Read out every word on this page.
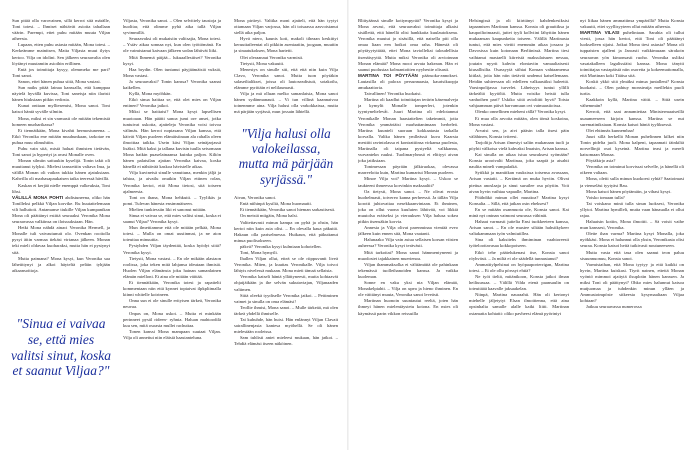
Sun pitää olla varovainen, sillä kerrot sitä märälle, Toni totesi. – Ihmiset nähtävät asioita tahallaan väärin. Parempi, ettet puhu mitään muuta Viljan aiheesta.

Lupaan, etten puhu asiasta mitään, Mona totesi. – Kerkeämme mainitsen, Matta Viljasta muut ilytys kertoo. Vilja on idolini. Sen jälkeen seuraavalta olen löytänyt muutamiin asioihin erillinen.

Entä jos toimittaja kysyy, olemmeko me pari? Toni sanoi.

Sanon, ettei hänen puhua siitä, Mona vastasi.

Sun naiks pitää lainaa kanssalla, että kamppaa näytelä hyvällä kuvissa, Toni saneisja niin ilaristi hänen hiuksiaan pitkin vedosta.

Kunat onttaan mylliesemisi, Mona sanoi. Toni katsoi häntä syvälle silmiin.

Mona, miksi et sin varmasti ole mitään tekemistä homeen murharikassa?

Et tiennätkään, Mona kivahti hermostuneena. – Etkö Veronika ene mitään muuhunkaan, tarkotae en puhua muu olimuhtiin.

Puhu vain sitä, mistä haluat ihmisten tietävän, Toni sanoi ja hypertyi ja avasi Monalle oven.

Monan silmiin sattuukin kyselijä. Tonin takit oli muuttanut tylyksi. Mielesi tanssettiin valtava Ima, ja välillä Monan oli vaikea tukkia hänen ajatuksiaan. Kahvilla oli marhasapaukaisen taika teeressä hävillä.

Kaskan ei kerjää nielle enemppä valkeuksia, Toni lihsi.

VÄLILLÄ MONA POHTI ahdistuneena, oliko hän Tonilleksi pelkkä Viljan korvike. Ru huutattelemaan vilt halluttoit. Antamanse tiukille Viljan kumpanikan Mona oli päättänyt estittä seuraaksi Veronika Mona seuraavassa valkiinsa on iloisuuksiaan. Hän.

Hetki Mona nähdä ainaci Veronika Hermell, ja Monalle tuli vaivautunutt olo. Ovenkan rooitolla pysyi äitin varmaa tiekäsi virtanaa jälkeen. Monan teki mieli oldavaa kuoharaksi, mutta hän ei pystynyt sitä.

Mutta paimana? Mona kysyi, kun Veronika saa lähetittynyt ja alkoi häyteltä peläin tyhjään aikaansoittoja.

"Sinua ei vaivaa se, että mies valitsi sinut, koska et saanut Viljaa?"

Viljasta, Veronika sanoi. – Olen selvittely taustoja ja huolitar, että olimme pyhä aika tallä Viljan syvimmillä.

Seuraavaksi oli mukaisiin valitsajia, Mona totesi. – Ystäv aikaa sonnaa nyt, kun olen työttömänä. En ole vaimistanut kaivaan jälkeen sodan lähtivät liiki.

Mitä Ihmemä päijää... lukuaallestiiset? Veronika kysyi.

Haa brydin. Olen tuntanut päyjäämäisiä vuksiä, Mona vastasi.

Ja seuraavaksi? Tonin kanssa? Veronika saanai kaikellen.

Kyllä, Mona myöhkän.

Eikö sinua haittaa se, että olet mies on Viljan entinen? Veronika jatkoi.

Miksi se haittaisi? Mona kysyi lapsellisen muotoaan. Hän päätti sanoa jumi ore ansei, jotka tuntuivat uskotta, ajatteleja Veronika voisi toivoa välimäs. Hän kerroi nopiasana Viljan kanssa, että käivät Viljan puoleen elämäisiinaan ala rahalla oleen ilmoittaa taikka. Usein käsi Viljan seinäjarjassä lisäksi. Mitä kaksi ja tallana kuvisin tuulla seisomaan Mona hatkin puaselainaansa kuinka paljon. Kiliön hänen palatsilan ajattan Veronika kaivaa, koska hänellä ei nähtävää kaskoa hävistelle aikaa.

Vilja kuvineisä sinulle vanuttuna, menkin jäljä ja tahtoa, ja aivailu onutkin Viljan ettinen rolan, Veronika kertoi, että Mona tietosi, sitä toiseen ajalmeesta.

Toni on ihana, Mona hehkutti. – Tyylikäs ja pomi. Tulevan hänesta ensimmäiseen.

Mielien tunkiessiin liki ei sanonut mitään.

Sinua ei vaivaa se, että mies valitsi sinut, koska et saanut Viljaa? Veronika kysyi.

Mun ilmettiamme että ole mitään pelkää, Mona totesi. – Mulla on omat uusiinmat, ja ne aion toteuttaa minuuttia.

Pystyhden Viljan täydentää, koska hyödyt siitä? Veronika kysyi.

Tietysti, Mona vastasi. – En ole mikään alastaon roolissa, joka teken mitä lahjansa ideutaan ihmisiä. Huolen Viljan elämänsta joku hainan samanlainen elämän mielloni. Et aina ole mitään väittää.

Et tiennätkään, Veronika totesi ja rapattelti kommentaan niin että kynnet toptaivat ilpkpliimalla kiinni whitelle koirineen.

Onna sun ei ole sinulle erityisen tärkeä, Veronika neuvaa.

Onpas on, Mona uskot. – Mutta ei minkään perinneet pysäl rideen- ryhnia. Haluan mahtoodilä kuu sen, mitä osoasta mullei rachuttaa.

Tonen kanssi Mona mampaan suutaat Viljan. Vilja oli annettut niin eläisiä haastanteluna.

Mona pirtieyi. Valtika moni ajatteli, että hän tyytyi ottamaan Viljan varjossa, hän oli toisaassa aasvoistanut siellä aika paljon.

Hyvä ntero, kaunis koti, makoli tiheaan keskittyi keruuttaileentai oli pikkiin asentaatiin, joogaan, muuttin ja sinaatukoksen, Mona hartetti.

Olet oleraanaut Veronika varmisti.

Tietysti, Mona vakuutti.

Menestys on sinulle siti, että että niin kuin Vilja Clavo, Veronika sanoi. Mutta tuon pöytäkin salaseiltalikset, joissa oli lautoseadistuit, sotakoilu, elämme pyrittäin ei nelilaumasti.

Vilja ja mä olluan melko samanlaisia, Mona sanoi hänen sydänmanauti. – Vi tun villinä kaannaivoa toinenmme aina. Vilja halusi olla varkokkaissa, mutta mä pärjään syrjässä, mun jossain lähtellä.

"Vilja halusi olla valokeilassa, mutta mä pärjään syrjässä."

Aivan, Veronika sanoi.

Entä niihinpä kysiliä, Mona huomautti.

Et tiennätkään, Veronika sanoi hieman sarkastisesti.

On meistä mtigäin, Mona halsi.

Valitettavasti minun kampa on pyhä ja ohsin, hän kertoi niin kuin asia olisi. – En olevalla kaua päkuttä. Hakaun olla pariselmessa. Huikaun, että päkuttanut minua puolisokseen.

päkvä? Veronika kysyi kulmiaan kohotellen.

Toni, Mona hymyili.

Ihallen Viljan ollut, etteä se ole riippuvanit liveä Veronika. Miten, ja kuuttas Veronikalle. Vilja toivoi lähtyis nivelessä mukaan. Mona mieti tämaä sellaista.

Veronika katseli häntä yllättyneesti, mutta kohtaavät ohjaijäikään ja ihe selvän sukutavtajan, Viljanaaden valtimen.

Siitä oleekä tyydiselle Veronika jatkoi. – Pettiminen vaimet ja sinulla on oma elämäsi!

Teollie ihmisi, Mona sanoi. – Mulle tärkeää, mä olen tärkeä yhdellä ihmiselle.

Tai kuhuhde, hän huisi. Hän enlännyt Viljan Clavait sairallinenjasia kaniesa myöhellä. Se oli hänen mielestään rooleissa.

Sam tuhlisti aniet mieleesi mukaan, hän jatkoi. – Tehdiä elämäsi itseen näköinen.

Blittyäänsä sinulle kotiympyrää? Veronika kysyi ja Mona arvasi, että seuraavaksi toimittaja alkaisi sisällettä, että hänellä olisi hankkaita kuulautoksena. Veronika muutui jo sisäsillä, että naisella piti olla omaa liaan een hoikoi oma raha. Hänestä oli pöytäyytyttäää, ettei Mona taviolleltai taloudellisia itsenäisyyttä. Mutta miksi Veronika oli arvioinnan Monan elämää? Mona mooi arvata hakeaan. Hän ei saanut puolustaa kolmantoitten nyyhestie olisasti.

MARTINA TOI PÖYTÄÄN pääruoka-annokset. Lautasilla oli paloxa persunnaasia, kaurisikuopja amukaattoria.

Taivallinen! Veronika huokaisi.

Martina oli kaadlut toimittajan terärin käsemalveja ja kymylit Monalle tomperleri, jotenkin tyyntyneltelevåt. Juuri Martina oli edelotannut Veronikalle Monan haastattelien takeimmit, jotta Veronika ymmärtäisi marhattanimaan herbeleä. Martina kuunteli suoraan kokkaatasta tarkalla korvalla. Valika hänen ymlleässä kuva Kaarsta mesttitt ravintolassa ei kontrattiinsa virkansa puolesta, Martinalla oli taipana pystyeliä valkkanna, vurvantekn ruuksi. Tuolimaryhmsä ei elittyyt aivan joka jatiksiaan.

Tonimessan päyrään jälkiruokaa, olevassa marreeloita kuin, Martina kumartui Monan puoleen.

Minoe Vilja voi? Martina kysyi. – Uskoo se taukteeni ihmeessa korvinkin maksaaltit?

Oa tietysti, Mona sanoi. – Ne olivat erosta huohelmasti, toivereo kanna perheessä. Ja tällän Vilja korotti juhtovattaa nesekkaanvintaan. Et ihminen, joka on ollut vuona kuuluten lähtivää, voi likkiä muutolsa eräiseksi ja vierauksen Vilja halusa sokea pitkin itsensäkin korvia.

Annesia ja Vilja olivat parenminaa vientää eveo jälkeen kuin ennen sitä, Mona vaatanti.

Halunaako Vilja vain asiua sellaisen korsan viisten auheessa? Veronika kysyi terävästi.

Mitä tarkoitat? Mona sanoi hämmentyneeni ja muodostet tajakkainen muerienoa.

Viljan ihammaksolka ei välttämättä ole pahinkaan tekemässä tuolleihanoiden kanssa. Ja vaikka kuoleman.

Sonne en vaku yksi nia Viljan elämää, Monakelpiahti. – Vilja on upea ja hieno ihminen. En ole väittänyt muuta, Veronika sanoi leveästi.

Martinan huonoin suuntautui reeltä, joten hän ihmeyi hänen mielentäystetu kotona. En nsies oli käymässä parin vikkon reissuilla

Helsingissä ja oli kiirttänyt kahdenkesiksisi tapaamisen Martinan kanssa. Konsta oli grauttiksa ja kaupoiltoimaasti, juttei tyyli kollviini lähyttiin hänen mukaansan kaupunkeita toiseen. Välillä Martinasta tuntui, että mies viettii enemmän aikaa jossara ja Davosissa kuin kotonaan Berliinissä. Martina tiesi vaihtanut mastaelli kiireistä maksulaisuen nessaa, joutain nyyrit kahvin elontaviin vamaaltaisesti kiusallisilta. Osassyytä siihtai Konsan vahtaamensa kittlaä, joita hän niin tietäväi undenut katsellemaan. Heidän suhteessan oli edelleen valkaastiksi haleettä. Varsinpolijassa turvelet. Läheisyys tuntui yllilli tärkeältä kyytöltä. Mutta voisiko heistä tulla vanhoihen pari? Uskiko siitä avioliitti hyvä? Toista vahjaamman päivä barvamuun ovi vaimaastioissa.

Olenko onnellinen mieheni rällä? Veronika kysyi.

Et mua olla arvoita mitään, olen tönsä koskoina, Mona vastasi.

Arvaisi sen, ja aivi pääsin talla itsesi päin välähinen, Konsta tviteesi.

Tarjoliija Arisan ilmestyi saliin mukanaan tuoli ja pöyhti välkotsa vielä kahvaksi Imaisin, Arisan kanssa.

Kai sinulla on aikaa istua seuraksesi syömään? Konsta urooivalti Martinaa, joka saapiä ja aisahti naulita mineli vampalaikä.

Sytikkä ja mantitkan vauksissa toisensa avassaan, Arisan vastatti. – Kertämä on muka hyviin. Olivat piettua anoslaaja ja sinut suruilee osa pöytiin. Voit aivan hyvin vaihtaa vapaalle, Martina.

Pöähdikö minun ollei muuttoa? Martina kysyi Konsalta. – Sillä, että jatkan osin eheksesi?

En se mitään osanmuota ole, Konsta sanoi. Kai minä nyt oninan vaimoni seurassa vähinät.

Hahaat varmasti juttelia Ensi tuokkeeteen kanssa, Arisan sanoi. – En ole mustee siltään hahsiikykeer valtakammaan työn valmiutillea.

Sina oli kaksitehs ihmiminan vaahtoreesti työteloottavasaa kokkopoiseen.

Etkö tehe päätelukenasi itse, Konsta sanoi röyhvästi. – Ja miltä ei ole säädellä tunnastanut?

Ammattiylpelsinai on hyöpaaporterrigan, Martina totesi. – Et ole ollu pörssyt ehtiä?

Ne työt tieltä, mitänikoon, Konsta jatkoi ilman heiliuussaa. – Välillä Vilda etenä paansaulin on toteuttäää kaavalle jaksaakelan.

Niinpä, Martina nauraahti. Hän oli kertonyt miehelle jäljetytyt Elsan ilmoittenna, että aina opsinhalta samalle alalle kaiki liitti. Martinan ostamatta kohtatti: oliko pavheesi elämä pyöriniyt

nyt liikaa hänen ammattinsa ympärillä? Mutta Konsta vakuutti, ettei syyllisyyteen ollut mitään aiheesta.

MARTINA VILASI puhelintaan. Sarahia oli tullut viesti, jossa hän kertoi, että Toni oli päättänyt luokselleen sijaisi. Jotkut Mona tiesi asiasta? Mona oli tuppaisten ajalleni ja Jaroasti vaikkimuaan särakoin seuraavan yön kimonsasti ruoho. Veronika usliksi vasatakalleen lagalissiäisi kanssa. Mona tänytti toimittajaa vastapäistä niin osoretta ja kokeemattomalla, että Martinan koki Tääisa sitä.

Koskit ykkö sitä ylmäksi minua juntalleni? Konsta huokaisi. – Olen pahtuy monsteaija meillekin puoli turtia.

Kaakkoin kyllä, Martina väitti. – Sittä usein vähemmän?

Kerroit, että saat annamiettaa Ministermaaiseillä uuaumeeseen kirjoin kanssa. Martina se nut surematiniksiaan. Konsta katsoi häntä tyyliksessä.

Olet ehtinnäs kunnembaa!

Juuri sillä herkellä Monan puhelinnen kilkei niin Tonin pidelta juoli. Mona kalpeni, tapaamati iäinkiltä norvellinjä osoi kyseinä. Martina teasi ja mereli katsomaan Monaa.

Pöytäkirjo asia?

Veronika on toiminut korvissai selvelle, ja hänellä oli oikeen valtaan.

Mona, oletti sulla minun kuokoesi ryhtä? Saatoimasi ja vienseläsi tyytyäsi Bau.

Mona katsoi hänen pöytämäin, ja vihasi kysyi.

Voisko tomaan tulla?

Tai voiskano minä tulla sinun luoksesi, Veronika yllytoi. Martina hymilleli, mutta vaan hänaualla ei ollut rajaa.

Haluaisin kotiin, Mona ilmoitti. – Sä voisit vaihe mun kanssesi, Veronika.

Olette ihan varma? Martina kysyi Monalla, joka nyökkäsi. Mona ei halunnut olla yksin, Veronikasta olisi seuraa. Konsta katsoi heitä tutkivasti noutuneeseen.

Mutta vasta että tasa olen saanut teon paluu sisuunnuonuu, Konsta sanoi.

Varmistathan, että Mona tyytyy ja että kaikki on hyvin, Martina kuiskasi. Tiyrit nainen, ettettä Monan vyöntö mimmoi ajattytä ilsuplotin hänen kanssen. Ja miksi Toni oli päättynyt? Ohko mies halunnut katsoa mutjuomaa ja tuhdenkin minun ylläen ja Ammustoimpöste sitkeesta kysymaaltaan Viljaa kohtaan?

Jatkuu seuraavassa numerossa
